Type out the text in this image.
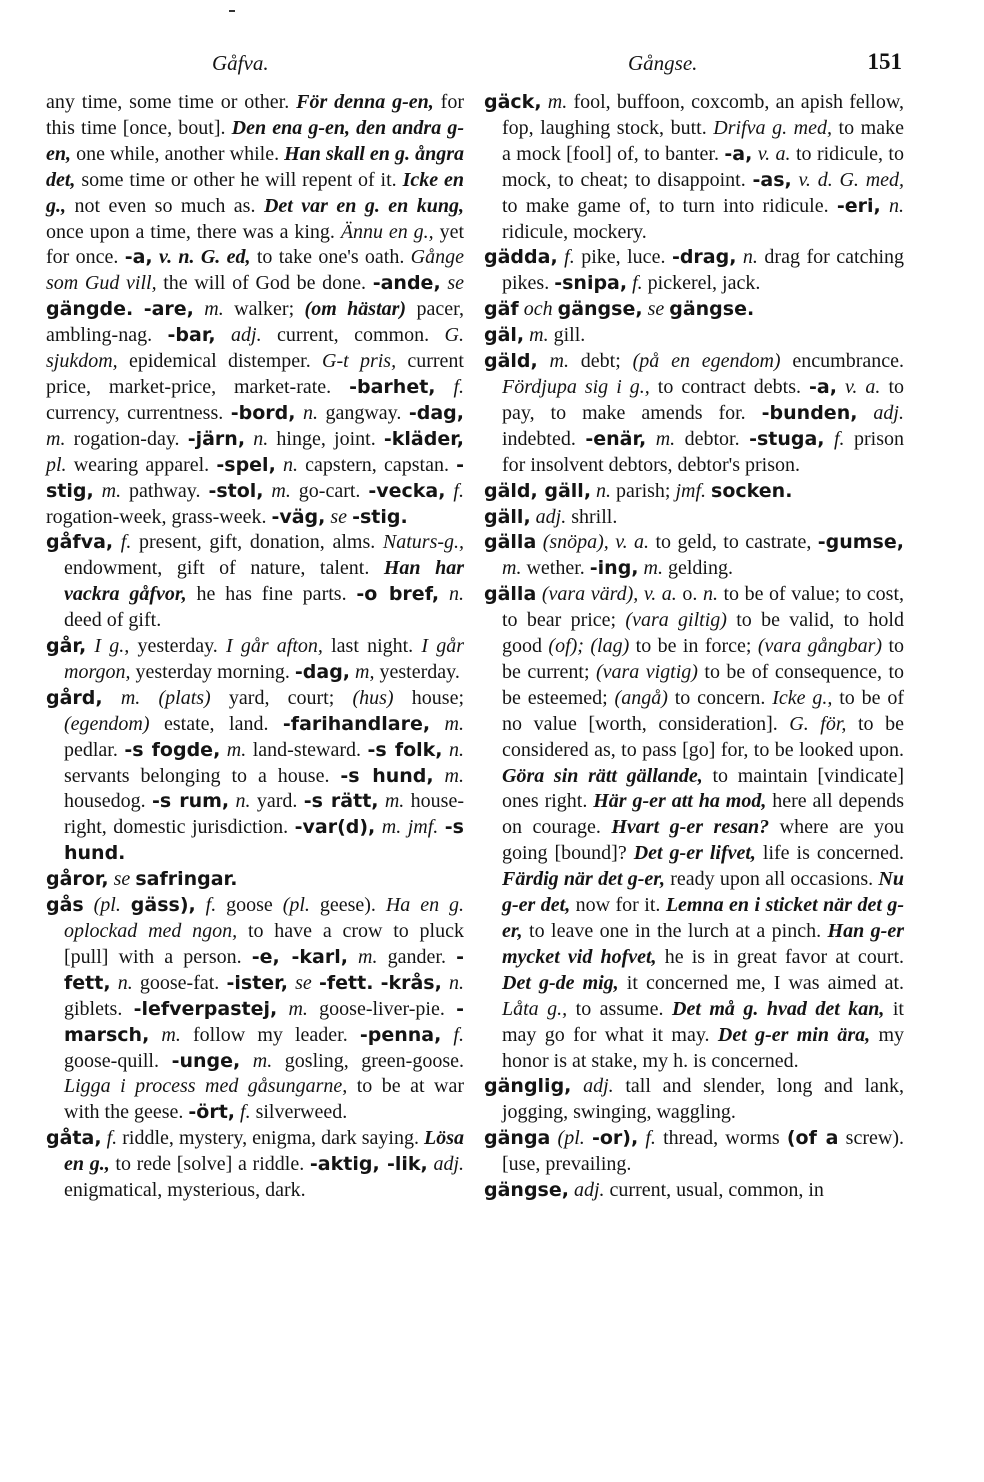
Gåfva.	Gångse.	151

any time, some time or other. För denna g-en, for this time [once, bout]. Den ena g-en, den andra g-en, one while, another while. Han skall en g. ångra det, some time or other he will repent of it. Icke en g., not even so much as. Det var en g. en kung, once upon a time, there was a king. Ännu en g., yet for once. -a, v. n. G. ed, to take one's oath. Gånge som Gud vill, the will of God be done. -ande, se gängde. -are, m. walker; (om hästar) pacer, ambling-nag. -bar, adj. current, common. G. sjukdom, epidemical distemper. G-t pris, current price, market-price, market-rate. -barhet, f. currency, currentness. -bord, n. gangway. -dag, m. rogation-day. -järn, n. hinge, joint. -kläder, pl. wearing apparel. -spel, n. capstern, capstan. -stig, m. pathway. -stol, m. go-cart. -vecka, f. rogation-week, grass-week. -väg, se -stig.

gåfva, f. present, gift, donation, alms. Naturs-g., endowment, gift of nature, talent. Han har vackra gåfvor, he has fine parts. -o bref, n. deed of gift.

går, I g., yesterday. I går afton, last night. I går morgon, yesterday morning. -dag, m, yesterday.

gård, m. (plats) yard, court; (hus) house; (egendom) estate, land. -farihandlare, m. pedlar. -s fogde, m. land-steward. -s folk, n. servants belonging to a house. -s hund, m. housedog. -s rum, n. yard. -s rätt, m. house-right, domestic jurisdiction. -var(d), m. jmf. -s hund.

gåror, se safringar.

gås (pl. gäss), f. goose (pl. geese). Ha en g. oplockad med ngon, to have a crow to pluck [pull] with a person. -e, -karl, m. gander. -fett, n. goose-fat. -ister, se -fett. -krås, n. giblets. -lefverpastej, m. goose-liver-pie. -marsch, m. follow my leader. -penna, f. goose-quill. -unge, m. gosling, green-goose. Ligga i process med gåsungarne, to be at war with the geese. -ört, f. silverweed.

gåta, f. riddle, mystery, enigma, dark saying. Lösa en g., to rede [solve] a riddle. -aktig, -lik, adj. enigmatical, mysterious, dark.

gäck, m. fool, buffoon, coxcomb, an apish fellow, fop, laughing stock, butt. Drifva g. med, to make a mock [fool] of, to banter. -a, v. a. to ridicule, to mock, to cheat; to disappoint. -as, v. d. G. med, to make game of, to turn into ridicule. -eri, n. ridicule, mockery.

gädda, f. pike, luce. -drag, n. drag for catching pikes. -snipa, f. pickerel, jack.

gäf och gängse, se gängse.

gäl, m. gill.

gäld, m. debt; (på en egendom) encumbrance. Fördjupa sig i g., to contract debts. -a, v. a. to pay, to make amends for. -bunden, adj. indebted. -enär, m. debtor. -stuga, f. prison for insolvent debtors, debtor's prison.

gäld, gäll, n. parish; jmf. socken.

gäll, adj. shrill.

gälla (snöpa), v. a. to geld, to castrate, -gumse, m. wether. -ing, m. gelding.

gälla (vara värd), v. a. o. n. to be of value; to cost, to bear price; (vara giltig) to be valid, to hold good (of); (lag) to be in force; (vara gångbar) to be current; (vara vigtig) to be of consequence, to be esteemed; (angå) to concern. Icke g., to be of no value [worth, consideration]. G. för, to be considered as, to pass [go] for, to be looked upon. Göra sin rätt gällande, to maintain [vindicate] ones right. Här g-er att ha mod, here all depends on courage. Hvart g-er resan? where are you going [bound]? Det g-er lifvet, life is concerned. Färdig när det g-er, ready upon all occasions. Nu g-er det, now for it. Lemna en i sticket när det g-er, to leave one in the lurch at a pinch. Han g-er mycket vid hofvet, he is in great favor at court. Det g-de mig, it concerned me, I was aimed at. Låta g., to assume. Det må g. hvad det kan, it may go for what it may. Det g-er min ära, my honor is at stake, my h. is concerned.

gänglig, adj. tall and slender, long and lank, jogging, swinging, waggling.

gänga (pl. -or), f. thread, worms (of a screw). [use, prevailing.

gängse, adj. current, usual, common, in
